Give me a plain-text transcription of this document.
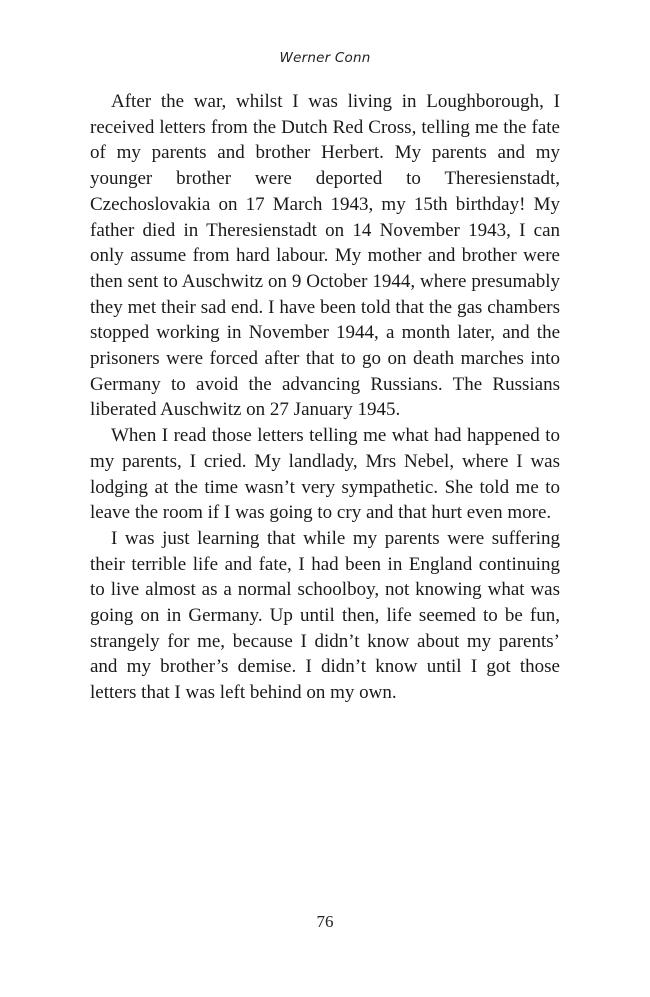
Werner Conn

After the war, whilst I was living in Loughborough, I received letters from the Dutch Red Cross, telling me the fate of my parents and brother Herbert. My parents and my younger brother were deported to Theresienstadt, Czechoslovakia on 17 March 1943, my 15th birthday! My father died in Theresienstadt on 14 November 1943, I can only assume from hard labour. My mother and brother were then sent to Auschwitz on 9 October 1944, where presumably they met their sad end. I have been told that the gas chambers stopped working in November 1944, a month later, and the prisoners were forced after that to go on death marches into Germany to avoid the advancing Russians. The Russians liberated Auschwitz on 27 January 1945.

When I read those letters telling me what had happened to my parents, I cried. My landlady, Mrs Nebel, where I was lodging at the time wasn’t very sympathetic. She told me to leave the room if I was going to cry and that hurt even more.

I was just learning that while my parents were suffering their terrible life and fate, I had been in England continuing to live almost as a normal schoolboy, not knowing what was going on in Germany. Up until then, life seemed to be fun, strangely for me, because I didn’t know about my parents’ and my brother’s demise. I didn’t know until I got those letters that I was left behind on my own.

76
